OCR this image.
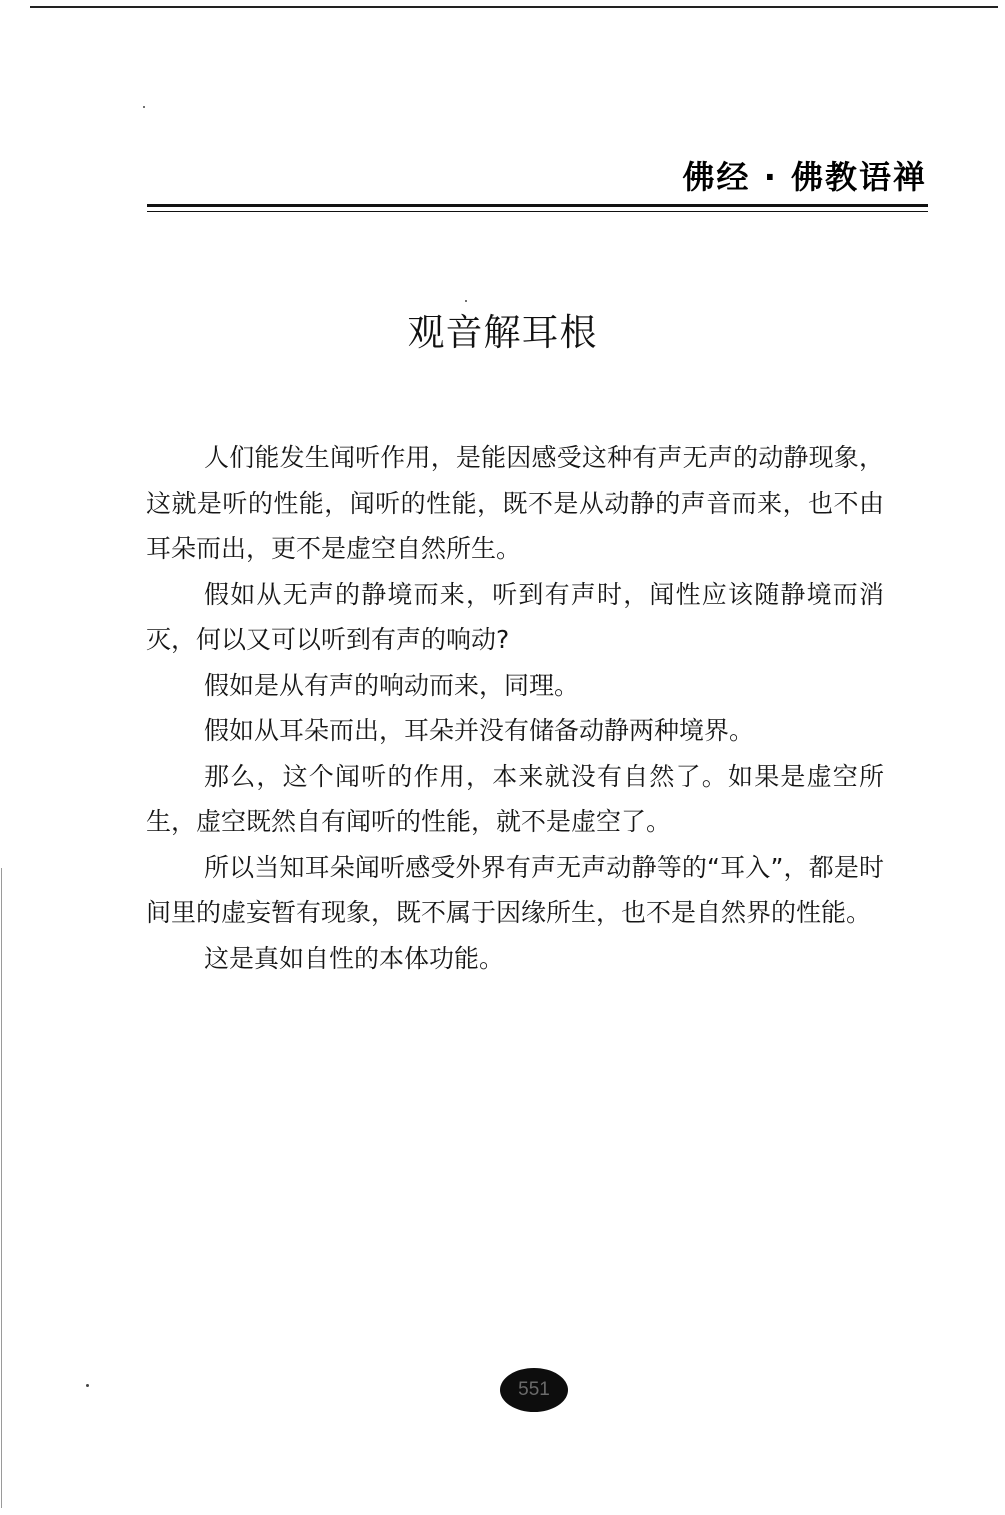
佛经 · 佛教语禅
观音解耳根

人们能发生闻听作用，是能因感受这种有声无声的动静现象，这就是听的性能，闻听的性能，既不是从动静的声音而来，也不由耳朵而出，更不是虚空自然所生。

假如从无声的静境而来，听到有声时，闻性应该随静境而消灭，何以又可以听到有声的响动?

假如是从有声的响动而来，同理。

假如从耳朵而出，耳朵并没有储备动静两种境界。

那么，这个闻听的作用，本来就没有自然了。如果是虚空所生，虚空既然自有闻听的性能，就不是虚空了。

所以当知耳朵闻听感受外界有声无声动静等的“耳入”，都是时间里的虚妄暂有现象，既不属于因缘所生，也不是自然界的性能。

这是真如自性的本体功能。

551
